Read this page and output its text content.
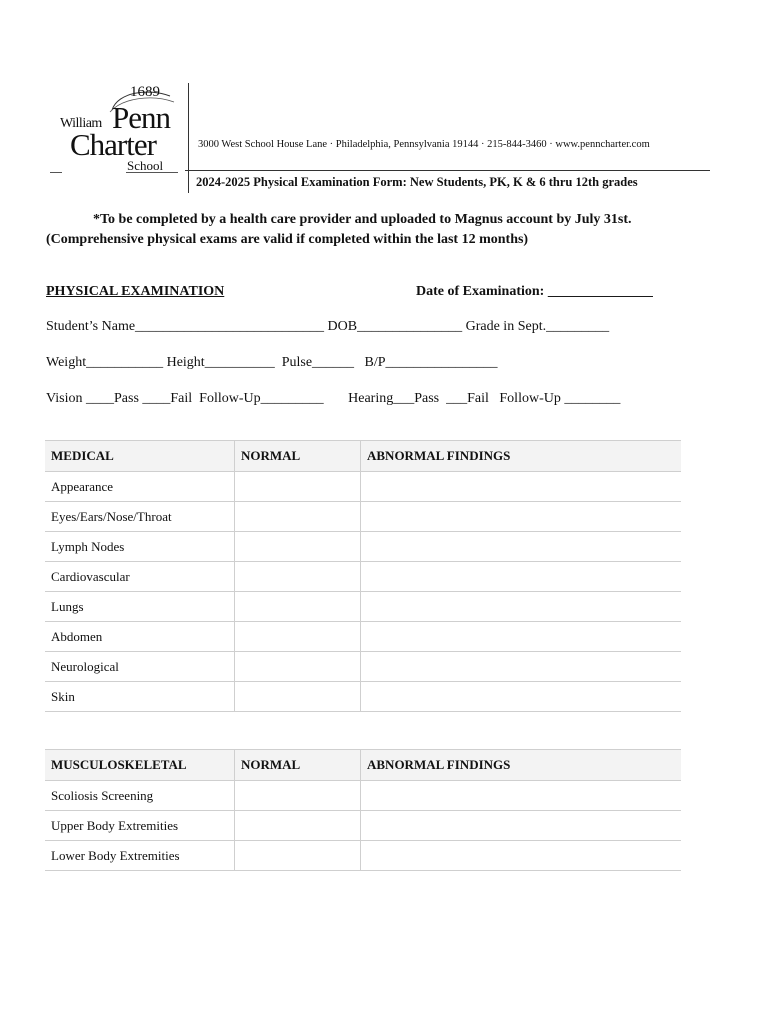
1689
William Penn
Charter
School
3000 West School House Lane · Philadelphia, Pennsylvania 19144 · 215-844-3460 · www.penncharter.com
2024-2025 Physical Examination Form: New Students, PK, K & 6 thru 12th grades
*To be completed by a health care provider and uploaded to Magnus account by July 31st.
(Comprehensive physical exams are valid if completed within the last 12 months)
PHYSICAL EXAMINATION	Date of Examination: _______________
Student’s Name___________________________ DOB_______________ Grade in Sept._________
Weight___________ Height__________  Pulse______   B/P________________
Vision ____Pass ____Fail  Follow-Up_________       Hearing___Pass  ___Fail   Follow-Up ________
MEDICAL	NORMAL	ABNORMAL FINDINGS
Appearance		
Eyes/Ears/Nose/Throat		
Lymph Nodes		
Cardiovascular		
Lungs		
Abdomen		
Neurological		
Skin		
MUSCULOSKELETAL	NORMAL	ABNORMAL FINDINGS
Scoliosis Screening		
Upper Body Extremities		
Lower Body Extremities		
